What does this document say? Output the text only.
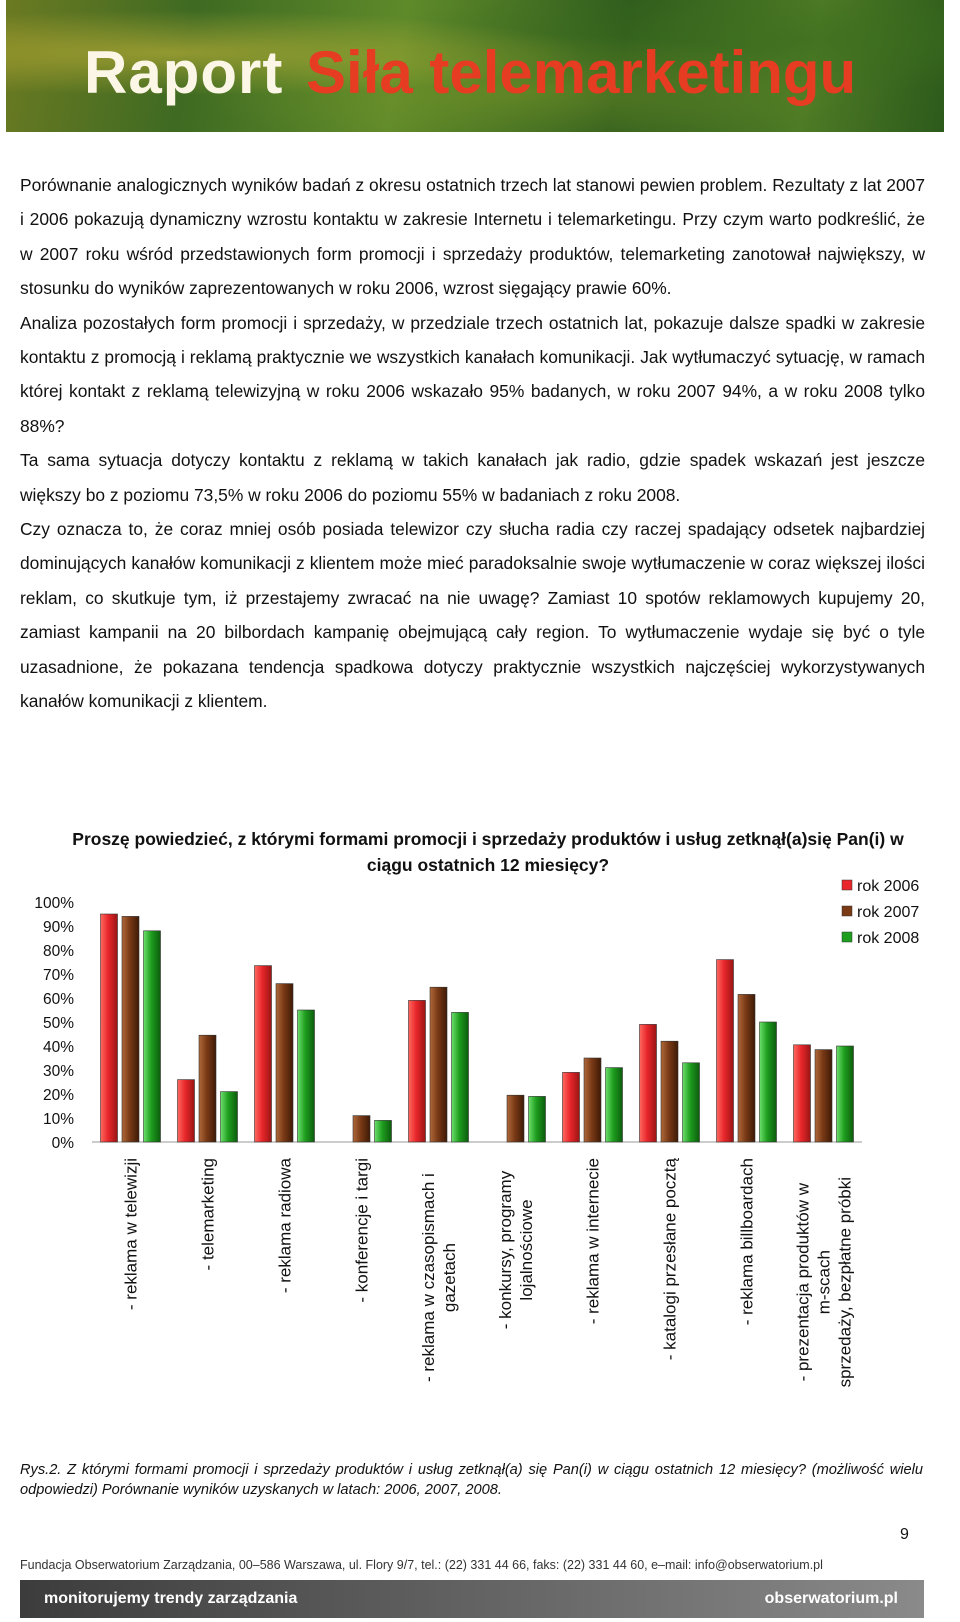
Raport Siła telemarketingu

Porównanie analogicznych wyników badań z okresu ostatnich trzech lat stanowi pewien problem. Rezultaty z lat 2007 i 2006 pokazują dynamiczny wzrostu kontaktu w zakresie Internetu i telemarketingu. Przy czym warto podkreślić, że w 2007 roku wśród przedstawionych form promocji i sprzedaży produktów, telemarketing zanotował największy, w stosunku do wyników zaprezentowanych w roku 2006, wzrost sięgający prawie 60%.

Analiza pozostałych form promocji i sprzedaży, w przedziale trzech ostatnich lat, pokazuje dalsze spadki w zakresie kontaktu z promocją i reklamą praktycznie we wszystkich kanałach komunikacji. Jak wytłumaczyć sytuację, w ramach której kontakt z reklamą telewizyjną w roku 2006 wskazało 95% badanych, w roku 2007 94%, a w roku 2008 tylko 88%?

Ta sama sytuacja dotyczy kontaktu z reklamą w takich kanałach jak radio, gdzie spadek wskazań jest jeszcze większy bo z poziomu 73,5% w roku 2006 do poziomu 55% w badaniach z roku 2008.

Czy oznacza to, że coraz mniej osób posiada telewizor czy słucha radia czy raczej spadający odsetek najbardziej dominujących kanałów komunikacji z klientem może mieć paradoksalnie swoje wytłumaczenie w coraz większej ilości reklam, co skutkuje tym, iż przestajemy zwracać na nie uwagę? Zamiast 10 spotów reklamowych kupujemy 20, zamiast kampanii na 20 bilbordach kampanię obejmującą cały region. To wytłumaczenie wydaje się być o tyle uzasadnione, że pokazana tendencja spadkowa dotyczy praktycznie wszystkich najczęściej wykorzystywanych kanałów komunikacji z klientem.

Proszę powiedzieć, z którymi formami promocji i sprzedaży produktów i usług zetknął(a)się Pan(i) w ciągu ostatnich 12 miesięcy?
0%
10%
20%
30%
40%
50%
60%
70%
80%
90%
100%
- reklama w telewizji	- telemarketing	- reklama radiowa	- konferencje i targi	- reklama w czasopismach i gazetach - konkursy, programy lojalnościowe	- reklama w internecie	- katalogi przesłane pocztą	- reklama billboardach - prezentacja produktów w m-scach sprzedaży, bezpłatne próbki
rok 2006
rok 2007
rok 2008
Rys.2. Z którymi formami promocji i sprzedaży produktów i usług zetknął(a) się Pan(i) w ciągu ostatnich 12 miesięcy? (możliwość wielu odpowiedzi) Porównanie wyników uzyskanych w latach: 2006, 2007, 2008.
9
Fundacja Obserwatorium Zarządzania, 00–586 Warszawa, ul. Flory 9/7, tel.: (22) 331 44 66, faks: (22) 331 44 60, e–mail: info@obserwatorium.pl
monitorujemy trendy zarządzania	obserwatorium.pl
